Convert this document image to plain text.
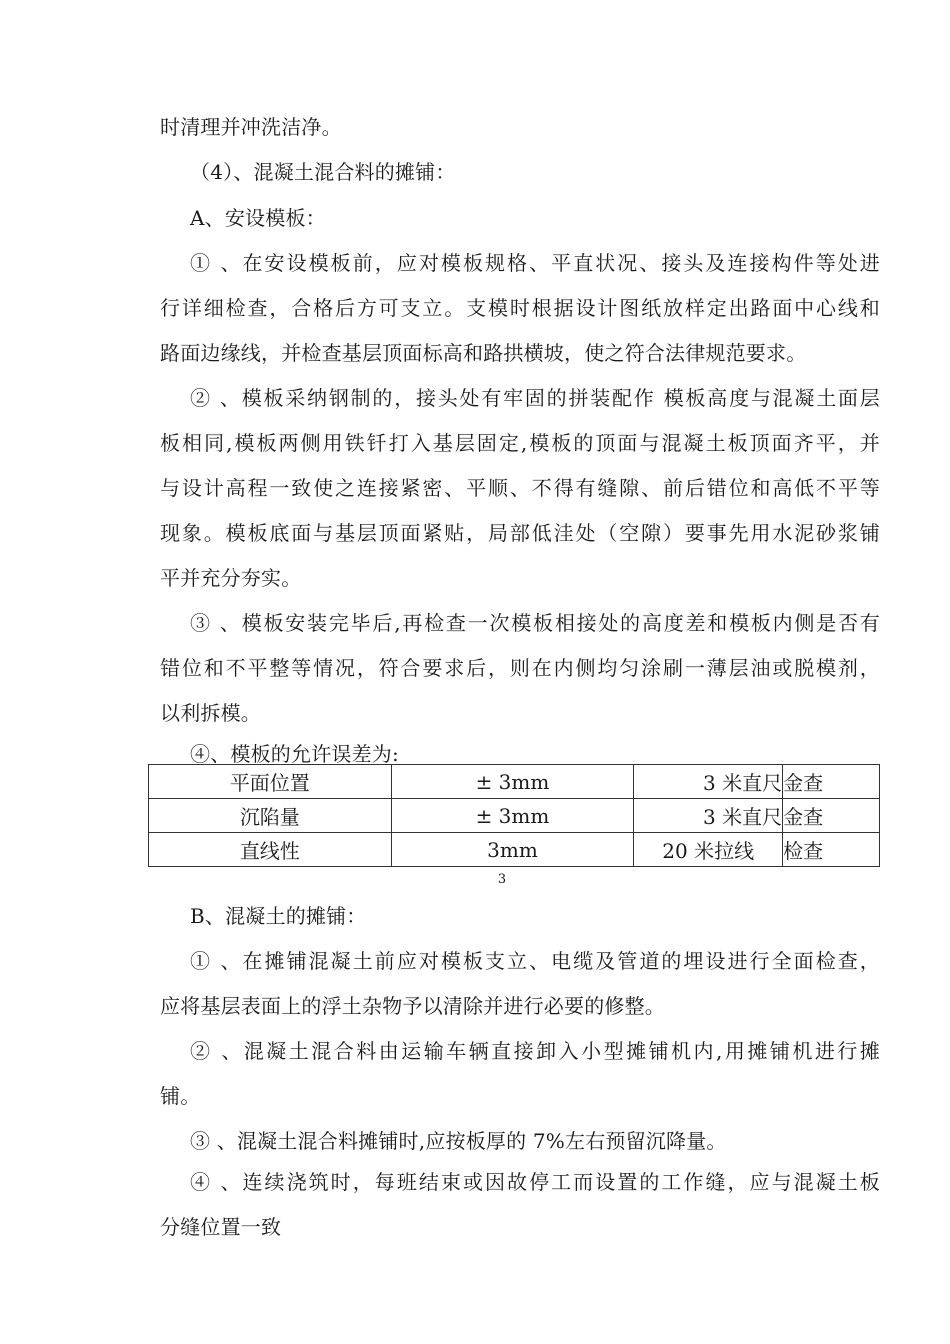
时清理并冲洗洁净。
（4）、混凝土混合料的摊铺：
A、安设模板：
① 、在安设模板前，应对模板规格、平直状况、接头及连接构件等处进
行详细检查，合格后方可支立。支模时根据设计图纸放样定出路面中心线和
路面边缘线，并检查基层顶面标高和路拱横坡，使之符合法律规范要求。
② 、模板采纳钢制的，接头处有牢固的拼装配作 模板高度与混凝土面层
板相同,模板两侧用铁钎打入基层固定,模板的顶面与混凝土板顶面齐平，并
与设计高程一致使之连接紧密、平顺、不得有缝隙、前后错位和高低不平等
现象。模板底面与基层顶面紧贴，局部低洼处（空隙）要事先用水泥砂浆铺
平并充分夯实。
③ 、模板安装完毕后,再检查一次模板相接处的高度差和模板内侧是否有
错位和不平整等情况，符合要求后，则在内侧均匀涂刷一薄层油或脱模剂，
以利拆模。
④、模板的允许误差为:
平面位置	± 3mm	3 米直尺	金查
沉陷量	± 3mm	3 米直尺	金查
直线性	3mm	20 米拉线	检查
3
B、混凝土的摊铺：
① 、在摊铺混凝土前应对模板支立、电缆及管道的埋设进行全面检查，
应将基层表面上的浮土杂物予以清除并进行必要的修整。
② 、混凝土混合料由运输车辆直接卸入小型摊铺机内,用摊铺机进行摊
铺。
③ 、混凝土混合料摊铺时,应按板厚的 7%左右预留沉降量。
④ 、连续浇筑时，每班结束或因故停工而设置的工作缝，应与混凝土板
分缝位置一致
